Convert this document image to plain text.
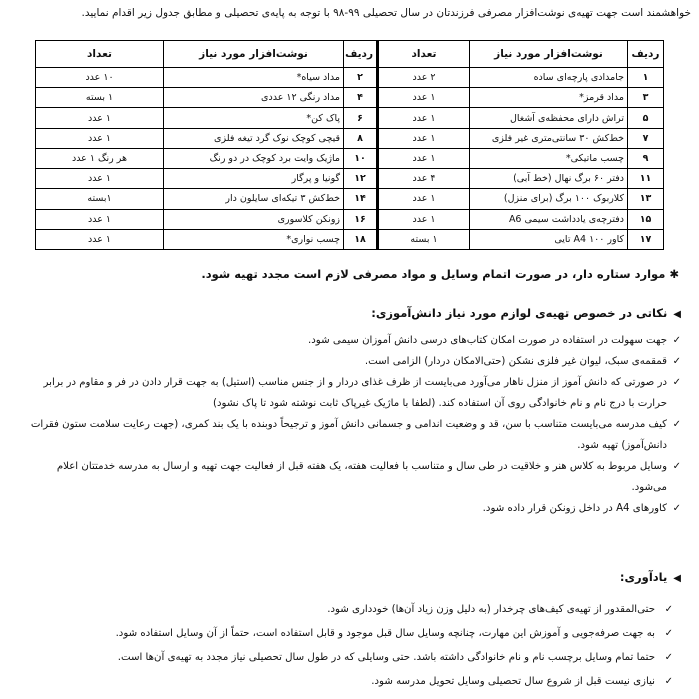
خواهشمند است جهت تهیه‌ی نوشت‌افزار مصرفی فرزندتان در سال تحصیلی ۹۹-۹۸ با توجه به پایه‌ی تحصیلی و مطابق جدول زیر اقدام نمایید.
ردیف	نوشت‌افزار مورد نیاز	تعداد	ردیف	نوشت‌افزار مورد نیاز	تعداد
۱	جامدادی پارچه‌ای ساده	۲ عدد	۲	مداد سیاه*	۱۰ عدد
۳	مداد قرمز*	۱ عدد	۴	مداد رنگی ۱۲ عددی	۱ بسته
۵	تراش دارای محفظه‌ی آشغال	۱ عدد	۶	پاک کن*	۱ عدد
۷	خط‌کش ۳۰ سانتی‌متری غیر فلزی	۱ عدد	۸	قیچی کوچک نوک گرد تیغه فلزی	۱ عدد
۹	چسب ماتیکی*	۱ عدد	۱۰	ماژیک وایت برد کوچک در دو رنگ	هر رنگ ۱ عدد
۱۱	دفتر ۶۰ برگ نهال (خط آبی)	۴ عدد	۱۲	گونیا و پرگار	۱ عدد
۱۳	کلاربوک ۱۰۰ برگ (برای منزل)	۱ عدد	۱۴	خط‌کش ۳ تیکه‌ای سایلون دار	۱بسته
۱۵	دفترچه‌ی یادداشت سیمی A6	۱ عدد	۱۶	زونکن کلاسوری	۱ عدد
۱۷	کاور A4 ۱۰۰ تایی	۱ بسته	۱۸	چسب نواری*	۱ عدد
✱ موارد ستاره دار، در صورت اتمام وسایل و مواد مصرفی لازم است مجدد تهیه شود.
◀نکاتی در خصوص تهیه‌ی لوازم مورد نیاز دانش‌آموزی:
✓
جهت سهولت در استفاده در صورت امکان کتاب‌های درسی دانش آموزان سیمی شود.
✓
قمقمه‌ی سبک، لیوان غیر فلزی نشکن (حتی‌الامکان دردار) الزامی است.
✓
در صورتی که دانش آموز از منزل ناهار می‌آورد می‌بایست از ظرف غذای دردار و از جنس مناسب (استیل) به جهت قرار دادن در فر و مقاوم در برابر حرارت با درج نام و نام خانوادگی روی آن استفاده کند. (لطفا با ماژیک غیرپاک ثابت نوشته شود تا پاک نشود)
✓
کیف مدرسه می‌بایست متناسب با سن، قد و وضعیت اندامی و جسمانی دانش آموز و ترجیحاً دوبنده با یک بند کمری، (جهت رعایت سلامت ستون فقرات دانش‌آموز) تهیه شود.
✓
وسایل مربوط به کلاس هنر و خلاقیت در طی سال و متناسب با فعالیت هفته، یک هفته قبل از فعالیت جهت تهیه و ارسال به مدرسه خدمتتان اعلام می‌شود.
✓
کاورهای A4 در داخل زونکن قرار داده شود.
◀یادآوری:
✓
حتی‌المقدور از تهیه‌ی کیف‌های چرخدار (به دلیل وزن زیاد آن‌ها) خودداری شود.
✓
به جهت صرفه‌جویی و آموزش این مهارت، چنانچه وسایل سال قبل موجود و قابل استفاده است، حتماً از آن وسایل استفاده شود.
✓
حتما تمام وسایل برچسب نام و نام خانوادگی داشته باشد. حتی وسایلی که در طول سال تحصیلی نیاز مجدد به تهیه‌ی آن‌ها است.
✓
نیازی نیست قبل از شروع سال تحصیلی وسایل تحویل مدرسه شود.
